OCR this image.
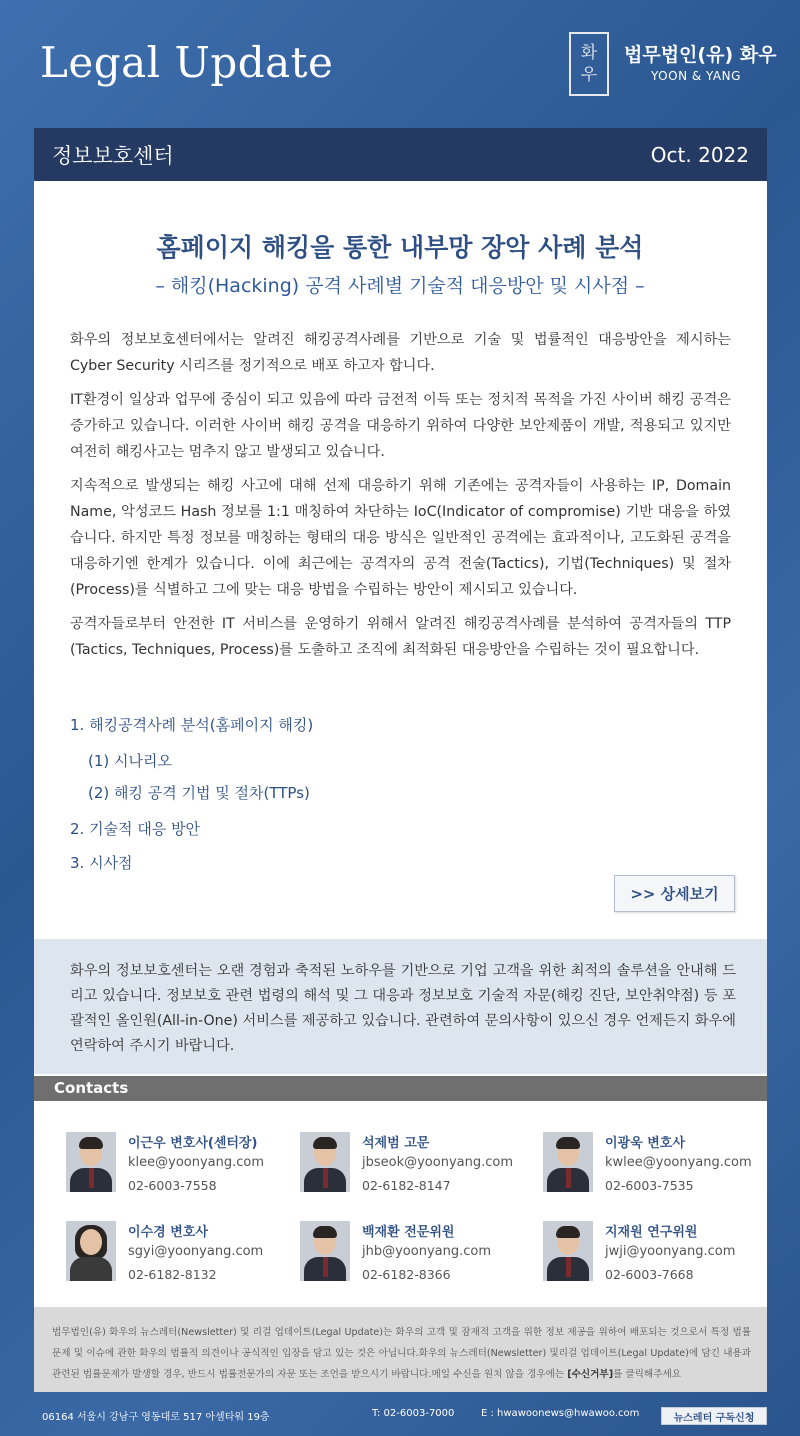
Legal Update	화
우
법무법인(유) 화우
YOON & YANG
정보보호센터	Oct. 2022
홈페이지 해킹을 통한 내부망 장악 사례 분석
– 해킹(Hacking) 공격 사례별 기술적 대응방안 및 시사점 –

화우의 정보보호센터에서는 알려진 해킹공격사례를 기반으로 기술 및 법률적인 대응방안을 제시하는 Cyber Security 시리즈를 정기적으로 배포 하고자 합니다.

IT환경이 일상과 업무에 중심이 되고 있음에 따라 금전적 이득 또는 정치적 목적을 가진 사이버 해킹 공격은 증가하고 있습니다. 이러한 사이버 해킹 공격을 대응하기 위하여 다양한 보안제품이 개발, 적용되고 있지만 여전히 해킹사고는 멈추지 않고 발생되고 있습니다.

지속적으로 발생되는 해킹 사고에 대해 선제 대응하기 위해 기존에는 공격자들이 사용하는 IP, Domain Name, 악성코드 Hash 정보를 1:1 매칭하여 차단하는 IoC(Indicator of compromise) 기반 대응을 하였습니다. 하지만 특정 정보를 매칭하는 형태의 대응 방식은 일반적인 공격에는 효과적이나, 고도화된 공격을 대응하기엔 한계가 있습니다. 이에 최근에는 공격자의 공격 전술(Tactics), 기법(Techniques) 및 절차(Process)를 식별하고 그에 맞는 대응 방법을 수립하는 방안이 제시되고 있습니다.

공격자들로부터 안전한 IT 서비스를 운영하기 위해서 알려진 해킹공격사례를 분석하여 공격자들의 TTP (Tactics, Techniques, Process)를 도출하고 조직에 최적화된 대응방안을 수립하는 것이 필요합니다.

1. 해킹공격사례 분석(홈페이지 해킹)
(1) 시나리오
(2) 해킹 공격 기법 및 절차(TTPs)
2. 기술적 대응 방안
3. 시사점
>> 상세보기

화우의 정보보호센터는 오랜 경험과 축적된 노하우를 기반으로 기업 고객을 위한 최적의 솔루션을 안내해 드리고 있습니다. 정보보호 관련 법령의 해석 및 그 대응과 정보보호 기술적 자문(해킹 진단, 보안취약점) 등 포괄적인 올인원(All-in-One) 서비스를 제공하고 있습니다. 관련하여 문의사항이 있으신 경우 언제든지 화우에 연락하여 주시기 바랍니다.

Contacts
이근우 변호사(센터장)
klee@yoonyang.com
02-6003-7558
석제범 고문
jbseok@yoonyang.com
02-6182-8147
이광욱 변호사
kwlee@yoonyang.com
02-6003-7535
이수경 변호사
sgyi@yoonyang.com
02-6182-8132
백재환 전문위원
jhb@yoonyang.com
02-6182-8366
지재원 연구위원
jwji@yoonyang.com
02-6003-7668
법무법인(유) 화우의 뉴스레터(Newsletter) 및 리걸 업데이트(Legal Update)는 화우의 고객 및 잠재적 고객을 위한 정보 제공을 위하여 배포되는 것으로서 특정 법률문제 및 이슈에 관한 화우의 법률적 의견이나 공식적인 입장을 담고 있는 것은 아닙니다.화우의 뉴스레터(Newsletter) 및리걸 업데이트(Legal Update)에 담긴 내용과 관련된 법률문제가 발생할 경우, 반드시 법률전문가의 자문 또는 조언을 받으시기 바랍니다.메일 수신을 원치 않을 경우에는 [수신거부]를 클릭해주세요
06164 서울시 강남구 영동대로 517 아셈타워 19층	T: 02-6003-7000	E : hwawoonews@hwawoo.com	뉴스레터 구독신청
